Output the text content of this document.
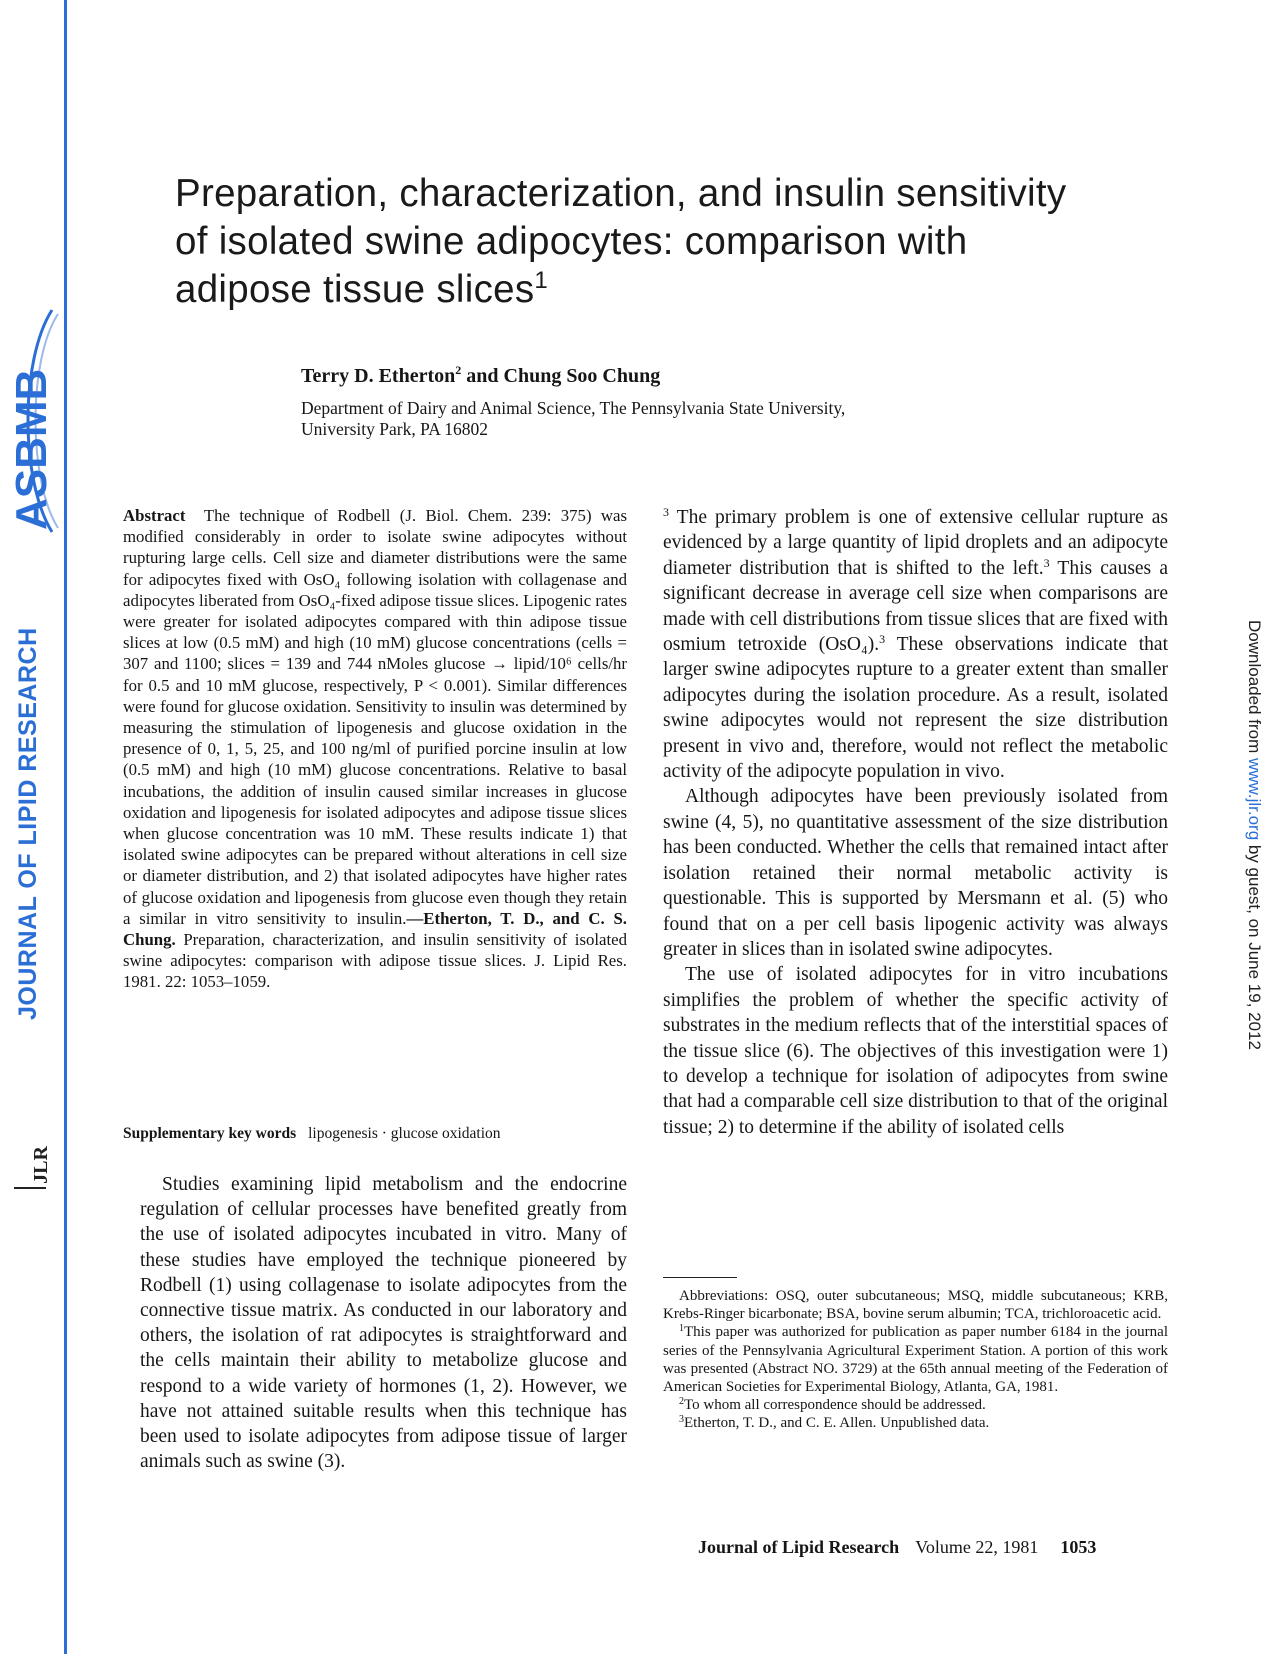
ASBMB
JOURNAL OF LIPID RESEARCH
JLR
Downloaded from www.jlr.org by guest, on June 19, 2012
Preparation, characterization, and insulin sensitivity of isolated swine adipocytes: comparison with adipose tissue slices$^1$
Terry D. Etherton$^2$ and Chung Soo Chung
Department of Dairy and Animal Science, The Pennsylvania State University,
University Park, PA 16802
Abstract The technique of Rodbell (J. Biol. Chem. 239: 375) was modified considerably in order to isolate swine adipocytes without rupturing large cells. Cell size and diameter distributions were the same for adipocytes fixed with OsO₄ following isolation with collagenase and adipocytes liberated from OsO₄-fixed adipose tissue slices. Lipogenic rates were greater for isolated adipocytes compared with thin adipose tissue slices at low (0.5 mM) and high (10 mM) glucose concentrations (cells = 307 and 1100; slices = 139 and 744 nMoles glucose → lipid/10⁶ cells/hr for 0.5 and 10 mM glucose, respectively, P < 0.001). Similar differences were found for glucose oxidation. Sensitivity to insulin was determined by measuring the stimulation of lipogenesis and glucose oxidation in the presence of 0, 1, 5, 25, and 100 ng/ml of purified porcine insulin at low (0.5 mM) and high (10 mM) glucose concentrations. Relative to basal incubations, the addition of insulin caused similar increases in glucose oxidation and lipogenesis for isolated adipocytes and adipose tissue slices when glucose concentration was 10 mM. These results indicate 1) that isolated swine adipocytes can be prepared without alterations in cell size or diameter distribution, and 2) that isolated adipocytes have higher rates of glucose oxidation and lipogenesis from glucose even though they retain a similar in vitro sensitivity to insulin.—Etherton, T. D., and C. S. Chung. Preparation, characterization, and insulin sensitivity of isolated swine adipocytes: comparison with adipose tissue slices. J. Lipid Res. 1981. 22: 1053–1059.
Supplementary key words lipogenesis · glucose oxidation

Studies examining lipid metabolism and the endocrine regulation of cellular processes have benefited greatly from the use of isolated adipocytes incubated in vitro. Many of these studies have employed the technique pioneered by Rodbell (1) using collagenase to isolate adipocytes from the connective tissue matrix. As conducted in our laboratory and others, the isolation of rat adipocytes is straightforward and the cells maintain their ability to metabolize glucose and respond to a wide variety of hormones (1, 2). However, we have not attained suitable results when this technique has been used to isolate adipocytes from adipose tissue of larger animals such as swine (3).

$^3$ The primary problem is one of extensive cellular rupture as evidenced by a large quantity of lipid droplets and an adipocyte diameter distribution that is shifted to the left.$^3$ This causes a significant decrease in average cell size when comparisons are made with cell distributions from tissue slices that are fixed with osmium tetroxide (OsO₄).$^3$ These observations indicate that larger swine adipocytes rupture to a greater extent than smaller adipocytes during the isolation procedure. As a result, isolated swine adipocytes would not represent the size distribution present in vivo and, therefore, would not reflect the metabolic activity of the adipocyte population in vivo.

Although adipocytes have been previously isolated from swine (4, 5), no quantitative assessment of the size distribution has been conducted. Whether the cells that remained intact after isolation retained their normal metabolic activity is questionable. This is supported by Mersmann et al. (5) who found that on a per cell basis lipogenic activity was always greater in slices than in isolated swine adipocytes.

The use of isolated adipocytes for in vitro incubations simplifies the problem of whether the specific activity of substrates in the medium reflects that of the interstitial spaces of the tissue slice (6). The objectives of this investigation were 1) to develop a technique for isolation of adipocytes from swine that had a comparable cell size distribution to that of the original tissue; 2) to determine if the ability of isolated cells

Abbreviations: OSQ, outer subcutaneous; MSQ, middle subcutaneous; KRB, Krebs-Ringer bicarbonate; BSA, bovine serum albumin; TCA, trichloroacetic acid.

$^1$This paper was authorized for publication as paper number 6184 in the journal series of the Pennsylvania Agricultural Experiment Station. A portion of this work was presented (Abstract NO. 3729) at the 65th annual meeting of the Federation of American Societies for Experimental Biology, Atlanta, GA, 1981.

$^2$To whom all correspondence should be addressed.

$^3$Etherton, T. D., and C. E. Allen. Unpublished data.

Journal of Lipid Research Volume 22, 1981 1053
